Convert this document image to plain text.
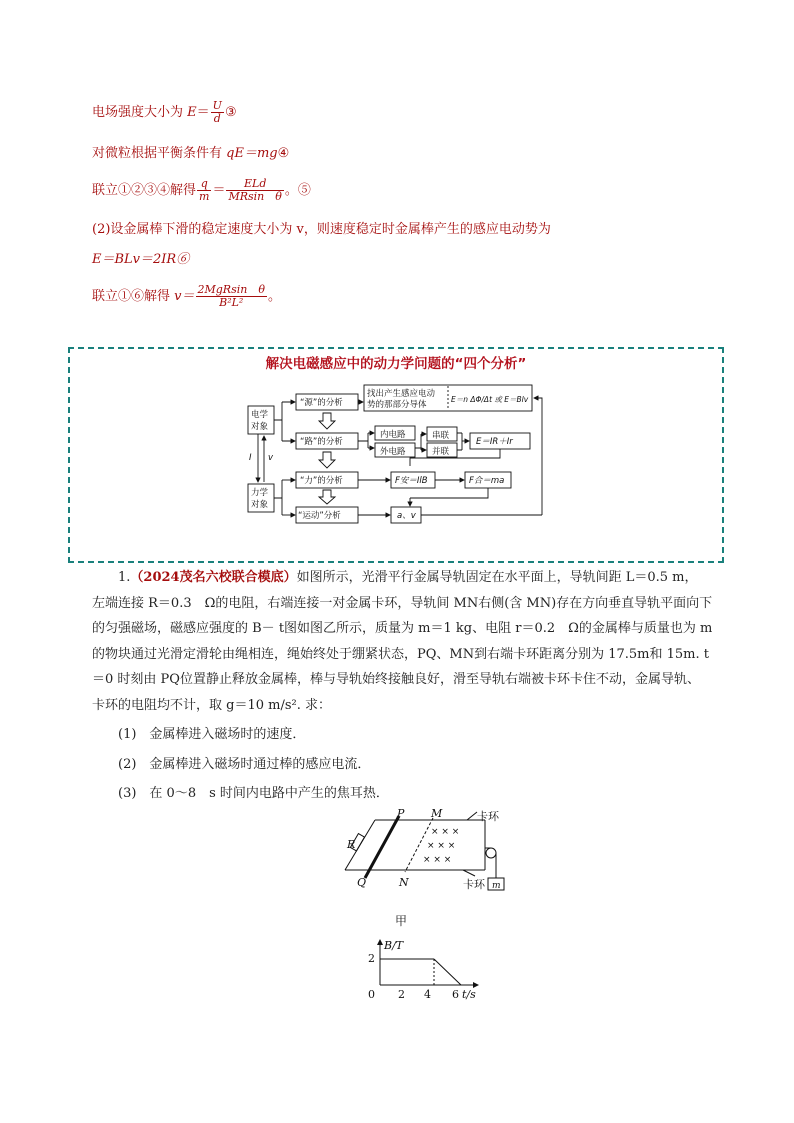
电场强度大小为 $E= \frac{U}{d}$ ③
对微粒根据平衡条件有 qE＝mg④
联立①②③④解得 $\frac{q}{m} = \frac{\text{ELd}}{\text{MRsin　θ}}$ 。⑤
(2)设金属棒下滑的稳定速度大小为 v，则速度稳定时金属棒产生的感应电动势为
E＝BLv＝2IR⑥
联立①⑥解得 $v= \frac{\text{2MgRsin　θ}}{\text{B²L²}}$ 。
解决电磁感应中的动力学问题的“四个分析”
电学
对象
力学
对象
I v
“源”的分析
“路”的分析
“力”的分析
“运动”分析
找出产生感应电动
势的那部分导体
E＝n ΔΦ/Δt 或 E＝Blv
内电路
外电路
串联
并联
E＝IR＋Ir
F安＝IlB	F合＝ma
a、v
1.（2024茂名六校联合模底）如图所示，光滑平行金属导轨固定在水平面上，导轨间距 L＝0.5 m，
左端连接 R＝0.3　Ω的电阻，右端连接一对金属卡环，导轨间 MN右侧(含 MN)存在方向垂直导轨平面向下
的匀强磁场，磁感应强度的 B－ t图如图乙所示，质量为 m＝1 kg、电阻 r＝0.2　Ω的金属棒与质量也为 m
的物块通过光滑定滑轮由绳相连，绳始终处于绷紧状态，PQ、MN到右端卡环距离分别为 17.5m和 15m. t
＝0 时刻由 PQ位置静止释放金属棒，棒与导轨始终接触良好，滑至导轨右端被卡环卡住不动，金属导轨、
卡环的电阻均不计，取 g＝10 m/s². 求：
(1)　金属棒进入磁场时的速度．
(2)　金属棒进入磁场时通过棒的感应电流．
(3)　在 0～8　s 时间内电路中产生的焦耳热．
× × ×
× × ×
× × ×
R
P
Q
M
N	m
卡环
卡环
甲
B/T
2
0 2 4 6 t/s
